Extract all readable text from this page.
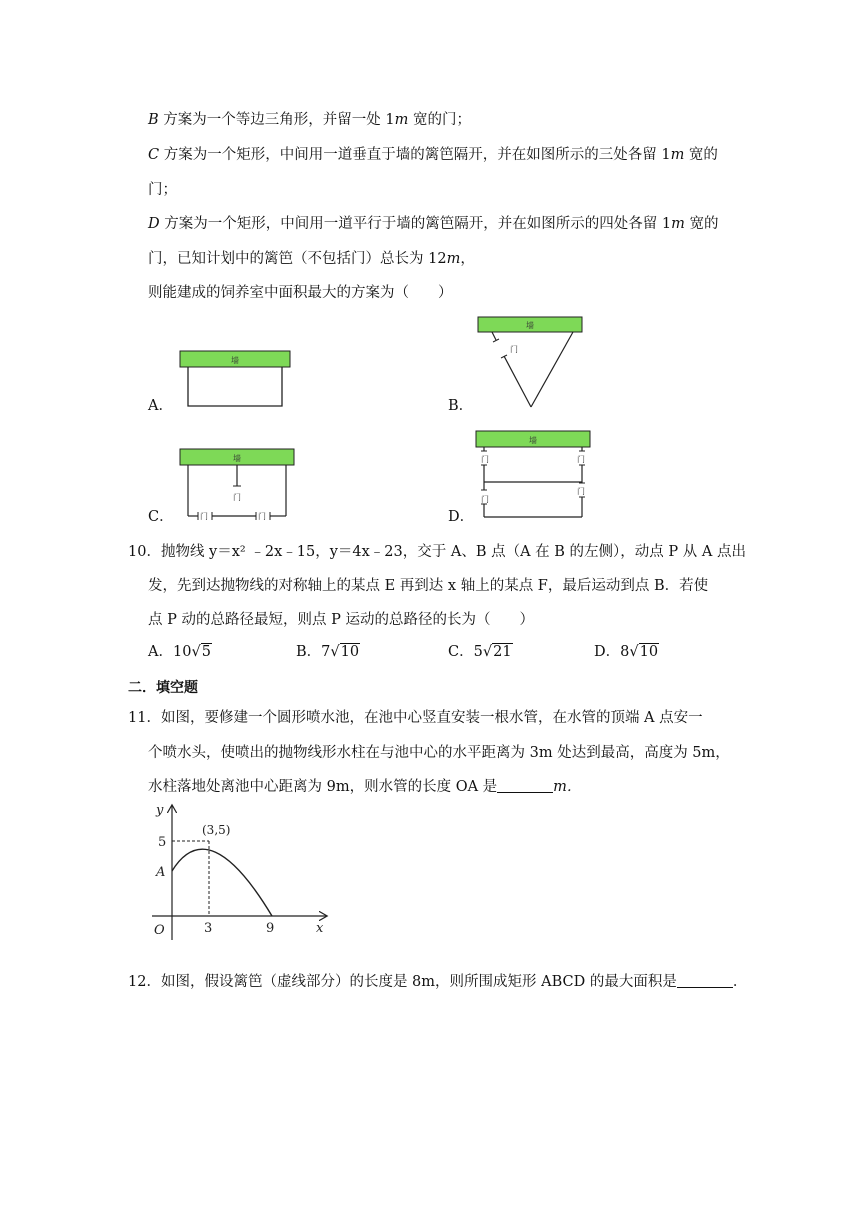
B 方案为一个等边三角形，并留一处 1m 宽的门；
C 方案为一个矩形，中间用一道垂直于墙的篱笆隔开，并在如图所示的三处各留 1m 宽的
门；
D 方案为一个矩形，中间用一道平行于墙的篱笆隔开，并在如图所示的四处各留 1m 宽的
门，已知计划中的篱笆（不包括门）总长为 12m，
则能建成的饲养室中面积最大的方案为（　　）
A．	B．
C．	D．
墙
墙
门
墙
门
门	门
墙
门
门
门
门
10．抛物线 y＝x² ﹣2x﹣15，y＝4x﹣23，交于 A、B 点（A 在 B 的左侧），动点 P 从 A 点出
发，先到达抛物线的对称轴上的某点 E 再到达 x 轴上的某点 F，最后运动到点 B．若使
点 P 动的总路径最短，则点 P 运动的总路径的长为（　　）
A．10√5	B．7√10	C．5√21	D．8√10
二．填空题
11．如图，要修建一个圆形喷水池，在池中心竖直安装一根水管，在水管的顶端 A 点安一
个喷水头，使喷出的抛物线形水柱在与池中心的水平距离为 3m 处达到最高，高度为 5m，
水柱落地处离池中心距离为 9m，则水管的长度 OA 是	m．
y
x
O
5
A
(3,5)
3	9
12．如图，假设篱笆（虚线部分）的长度是 8m，则所围成矩形 ABCD 的最大面积是	．
